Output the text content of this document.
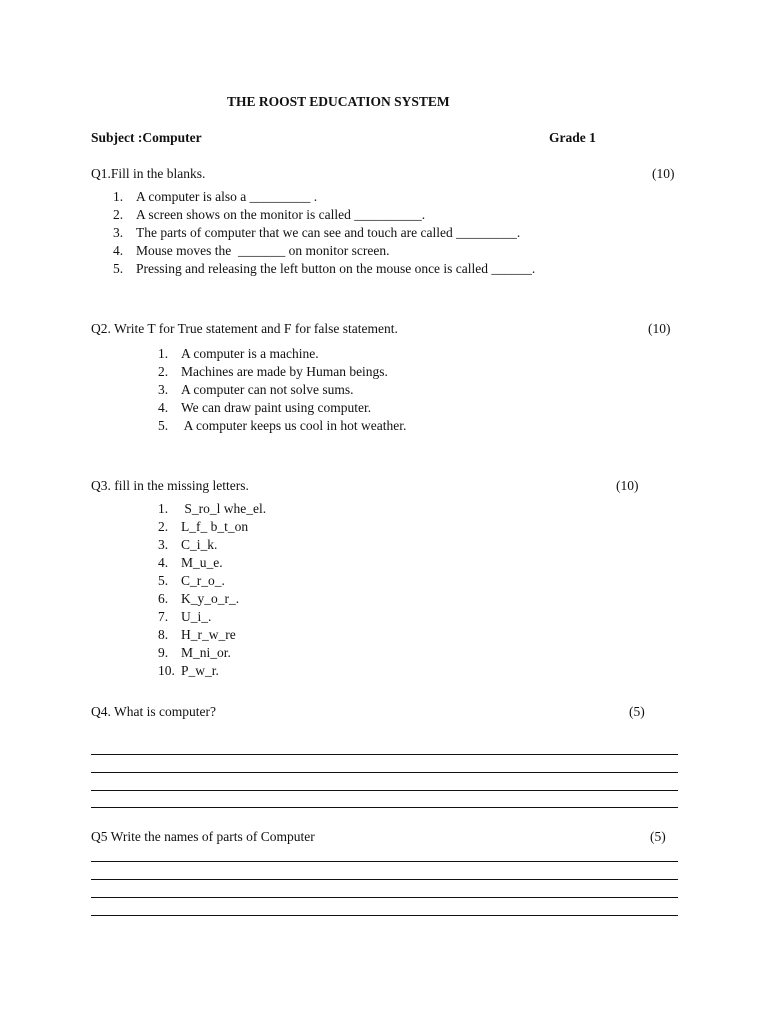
THE ROOST EDUCATION SYSTEM
Subject :Computer	Grade 1
Q1.Fill in the blanks.	(10)
1. A computer is also a _________ .
2. A screen shows on the monitor is called __________.
3. The parts of computer that we can see and touch are called _________.
4. Mouse moves the  _______ on monitor screen.
5. Pressing and releasing the left button on the mouse once is called ______.
Q2. Write T for True statement and F for false statement.	(10)
1. A computer is a machine.
2. Machines are made by Human beings.
3. A computer can not solve sums.
4. We can draw paint using computer.
5. A computer keeps us cool in hot weather.
Q3. fill in the missing letters.	(10)
1. S_ro_l whe_el.
2. L_f_ b_t_on
3. C_i_k.
4. M_u_e.
5. C_r_o_.
6. K_y_o_r_.
7. U_i_.
8. H_r_w_re
9. M_ni_or.
10. P_w_r.
Q4. What is computer?	(5)
Q5 Write the names of parts of Computer	(5)
